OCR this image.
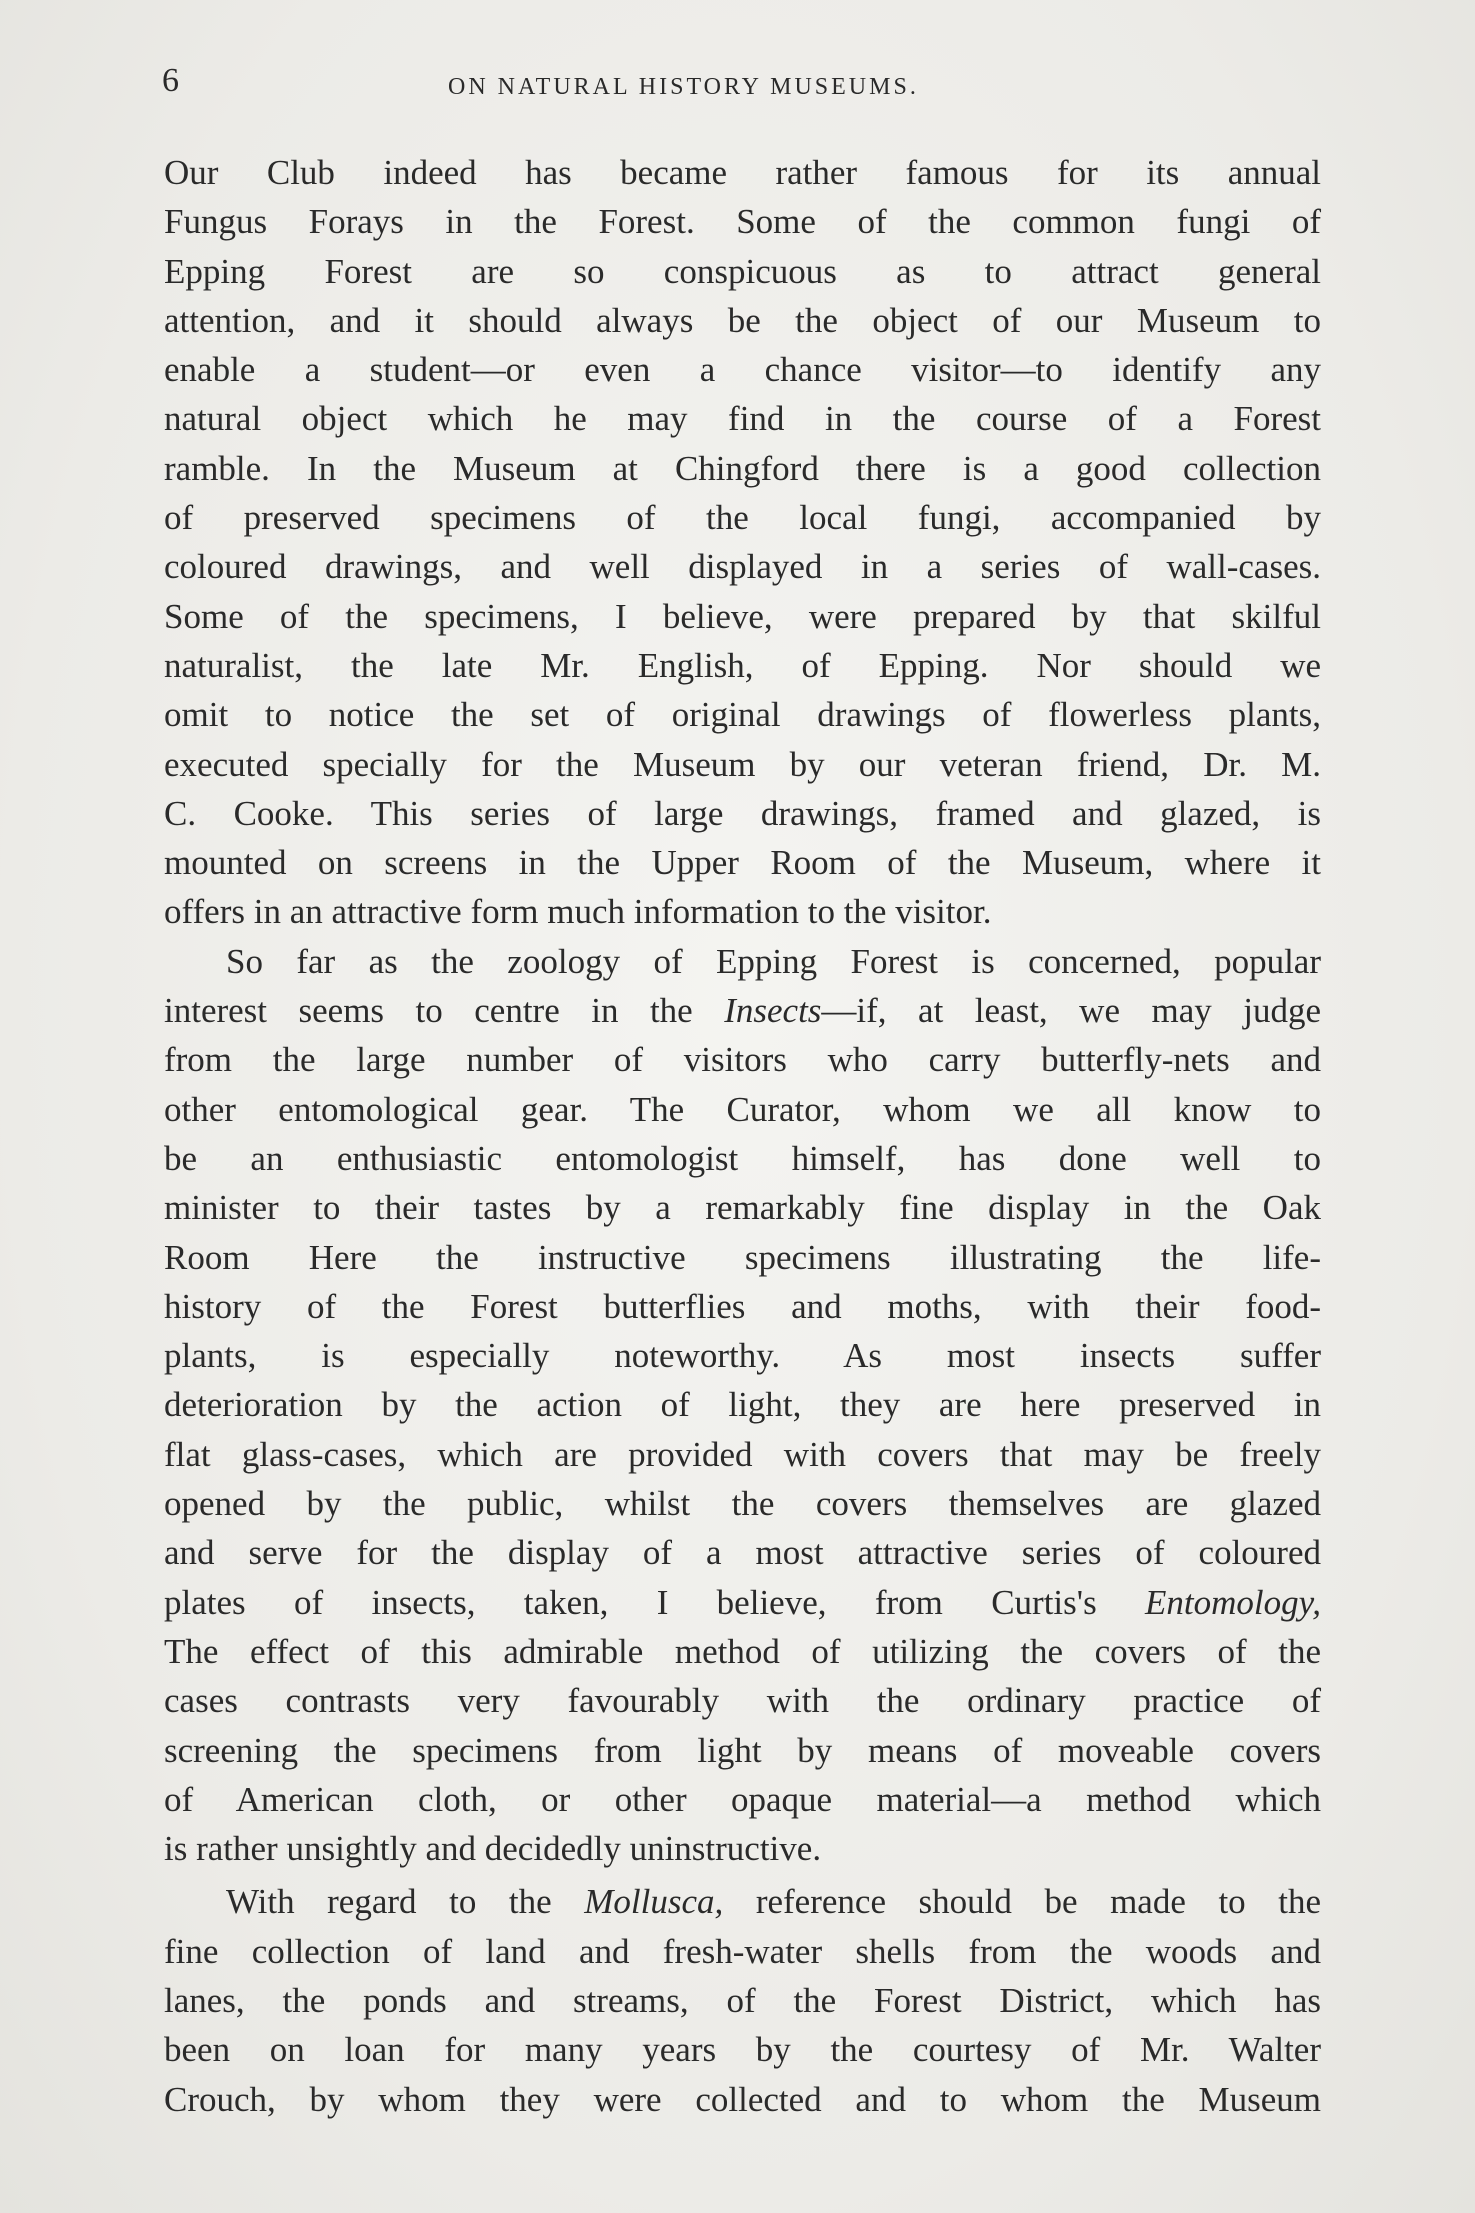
6	ON NATURAL HISTORY MUSEUMS.
Our Club indeed has became rather famous for its annual
Fungus Forays in the Forest. Some of the common fungi of
Epping Forest are so conspicuous as to attract general
attention, and it should always be the object of our Museum to
enable a student—or even a chance visitor—to identify any
natural object which he may find in the course of a Forest
ramble. In the Museum at Chingford there is a good collection
of preserved specimens of the local fungi, accompanied by
coloured drawings, and well displayed in a series of wall-cases.
Some of the specimens, I believe, were prepared by that skilful
naturalist, the late Mr. English, of Epping. Nor should we
omit to notice the set of original drawings of flowerless plants,
executed specially for the Museum by our veteran friend, Dr. M.
C. Cooke. This series of large drawings, framed and glazed, is
mounted on screens in the Upper Room of the Museum, where it
offers in an attractive form much information to the visitor.
So far as the zoology of Epping Forest is concerned, popular
interest seems to centre in the Insects—if, at least, we may judge
from the large number of visitors who carry butterfly-nets and
other entomological gear. The Curator, whom we all know to
be an enthusiastic entomologist himself, has done well to
minister to their tastes by a remarkably fine display in the Oak
Room Here the instructive specimens illustrating the life-
history of the Forest butterflies and moths, with their food-
plants, is especially noteworthy. As most insects suffer
deterioration by the action of light, they are here preserved in
flat glass-cases, which are provided with covers that may be freely
opened by the public, whilst the covers themselves are glazed
and serve for the display of a most attractive series of coloured
plates of insects, taken, I believe, from Curtis's Entomology,
The effect of this admirable method of utilizing the covers of the
cases contrasts very favourably with the ordinary practice of
screening the specimens from light by means of moveable covers
of American cloth, or other opaque material—a method which
is rather unsightly and decidedly uninstructive.
With regard to the Mollusca, reference should be made to the
fine collection of land and fresh-water shells from the woods and
lanes, the ponds and streams, of the Forest District, which has
been on loan for many years by the courtesy of Mr. Walter
Crouch, by whom they were collected and to whom the Museum
